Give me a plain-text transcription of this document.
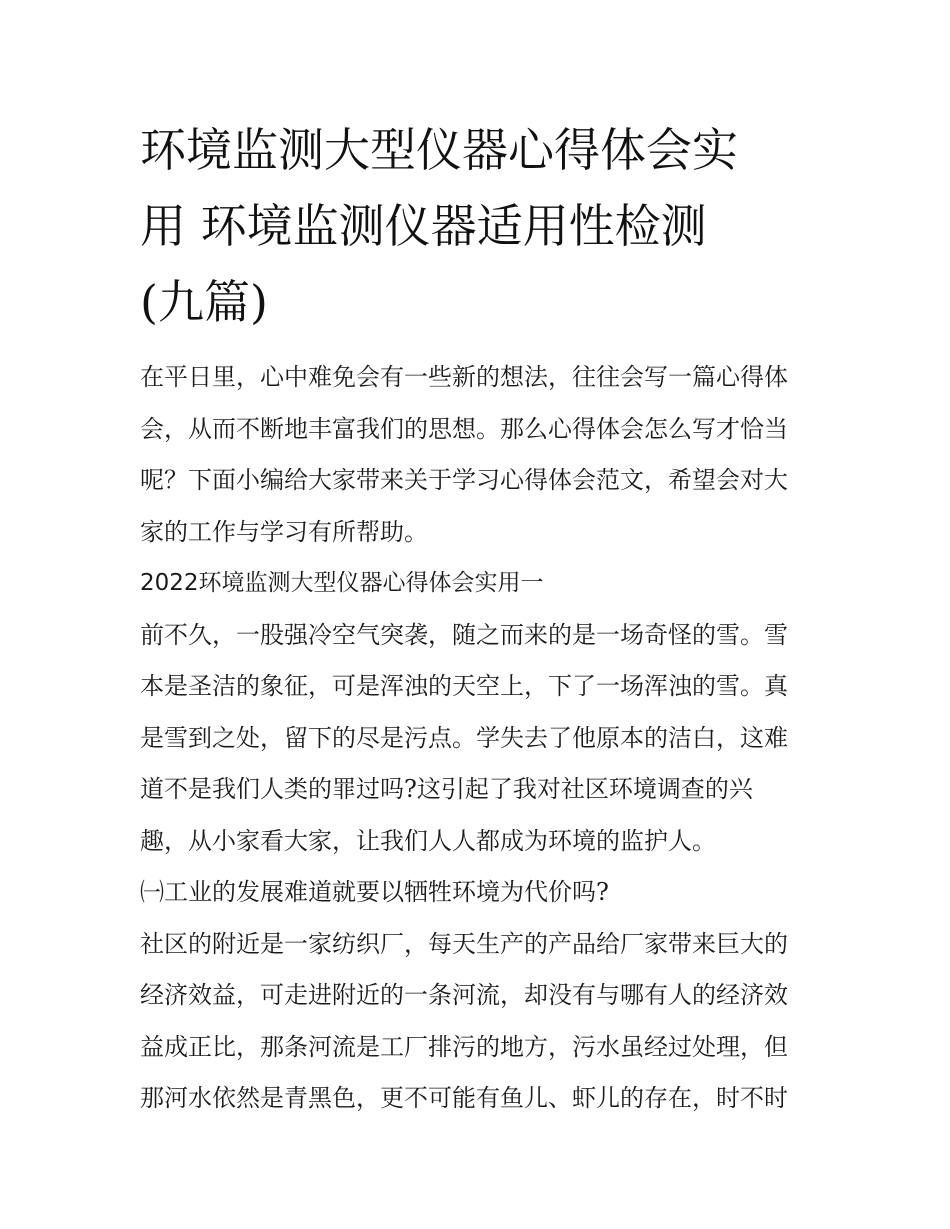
环境监测大型仪器心得体会实
用 环境监测仪器适用性检测
(九篇)
在平日里，心中难免会有一些新的想法，往往会写一篇心得体
会，从而不断地丰富我们的思想。那么心得体会怎么写才恰当
呢？下面小编给大家带来关于学习心得体会范文，希望会对大
家的工作与学习有所帮助。
2022环境监测大型仪器心得体会实用一
前不久，一股强冷空气突袭，随之而来的是一场奇怪的雪。雪
本是圣洁的象征，可是浑浊的天空上，下了一场浑浊的雪。真
是雪到之处，留下的尽是污点。学失去了他原本的洁白，这难
道不是我们人类的罪过吗?这引起了我对社区环境调查的兴
趣，从小家看大家，让我们人人都成为环境的监护人。
㈠工业的发展难道就要以牺牲环境为代价吗?
社区的附近是一家纺织厂，每天生产的产品给厂家带来巨大的
经济效益，可走进附近的一条河流，却没有与哪有人的经济效
益成正比，那条河流是工厂排污的地方，污水虽经过处理，但
那河水依然是青黑色，更不可能有鱼儿、虾儿的存在，时不时
